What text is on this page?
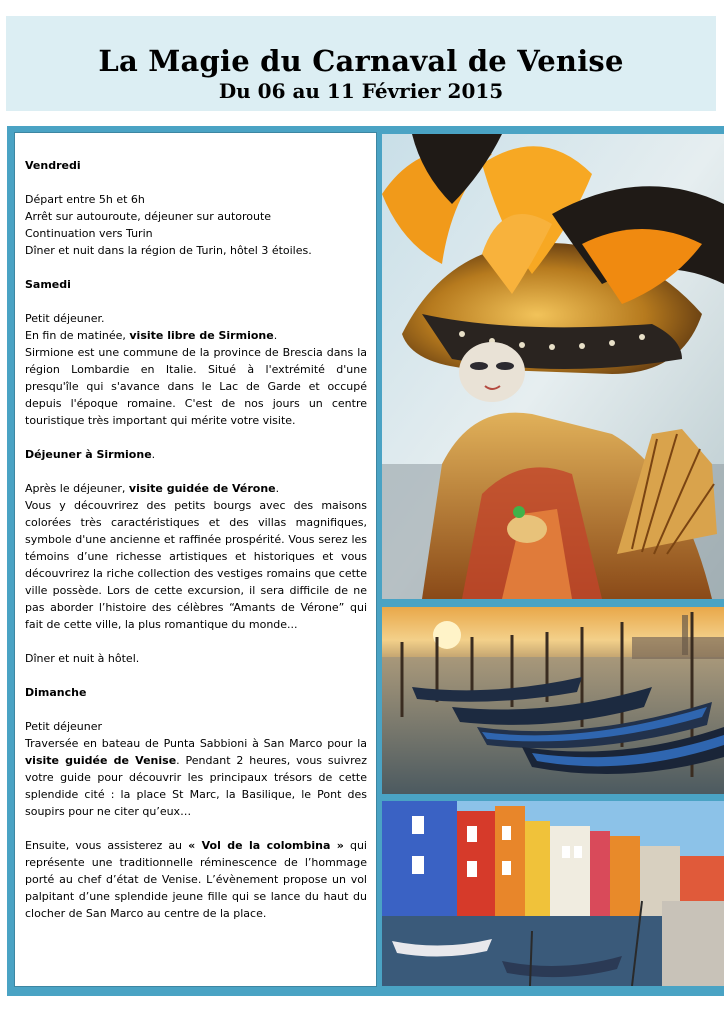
La Magie du Carnaval de Venise
Du 06 au 11 Février 2015

Vendredi

Départ entre 5h et 6h

Arrêt sur autouroute, déjeuner sur autoroute

Continuation vers Turin

Dîner et nuit dans la région de Turin, hôtel 3 étoiles.

Samedi

Petit déjeuner.

En fin de matinée, visite libre de Sirmione.

Sirmione est une commune de la province de Brescia dans la région Lombardie en Italie. Situé à l'extrémité d'une presqu'île qui s'avance dans le Lac de Garde et occupé depuis l'époque romaine. C'est de nos jours un centre touristique très important qui mérite votre visite.

Déjeuner à Sirmione.

Après le déjeuner, visite guidée de Vérone.

Vous y découvrirez des petits bourgs avec des maisons colorées très caractéristiques et des villas magnifiques, symbole d'une ancienne et raffinée prospérité. Vous serez les témoins d’une richesse artistiques et historiques et vous découvrirez la riche collection des vestiges romains que cette ville possède. Lors de cette excursion, il sera difficile de ne pas aborder l’histoire des célèbres “Amants de Vérone” qui fait de cette ville, la plus romantique du monde...

Dîner et nuit à hôtel.

Dimanche

Petit déjeuner

Traversée en bateau de Punta Sabbioni à San Marco pour la visite guidée de Venise. Pendant 2 heures, vous suivrez votre guide pour découvrir les principaux trésors de cette splendide cité : la place St Marc, la Basilique, le Pont des soupirs pour ne citer qu’eux…

Ensuite, vous assisterez au « Vol de la colombina » qui représente une traditionnelle réminescence de l’hommage porté au chef d’état de Venise. L’évènement propose un vol palpitant d’une splendide jeune fille qui se lance du haut du clocher de San Marco au centre de la place.
